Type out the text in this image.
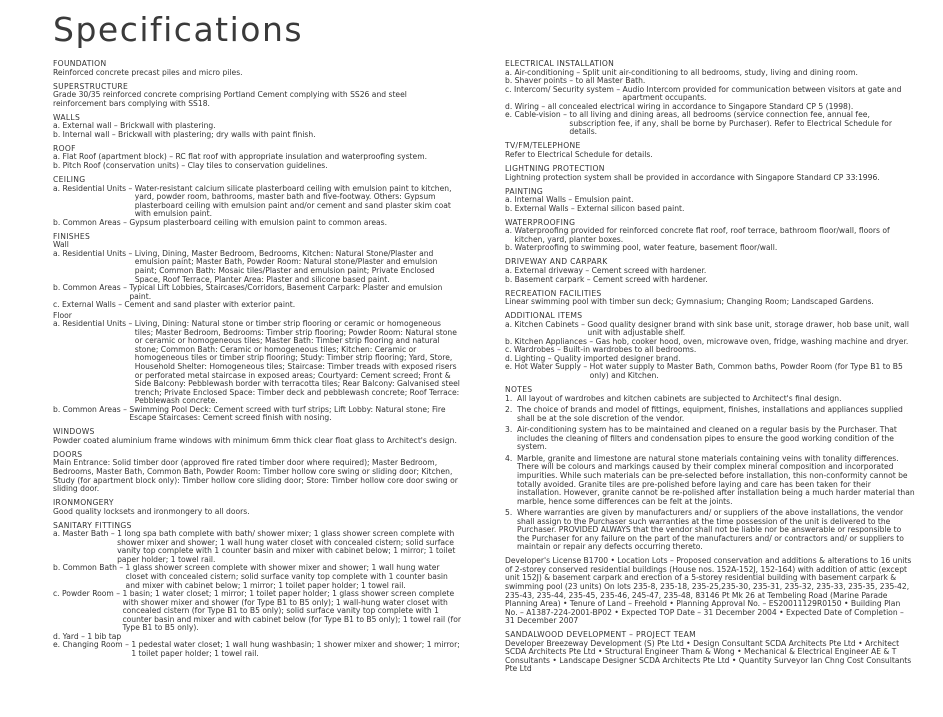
Specifications
FOUNDATION
Reinforced concrete precast piles and micro piles.
SUPERSTRUCTURE
Grade 30/35 reinforced concrete comprising Portland Cement complying with SS26 and steel reinforcement bars complying with SS18.
WALLS
a. External wall – Brickwall with plastering.
b. Internal wall – Brickwall with plastering; dry walls with paint finish.
ROOF
a. Flat Roof (apartment block) – RC flat roof with appropriate insulation and waterproofing system.
b. Pitch Roof (conservation units) – Clay tiles to conservation guidelines.
CEILING
a. Residential Units – Water-resistant calcium silicate plasterboard ceiling with emulsion paint to kitchen, yard, powder room, bathrooms, master bath and five-footway. Others: Gypsum plasterboard ceiling with emulsion paint and/or cement and sand plaster skim coat with emulsion paint.
b. Common Areas – Gypsum plasterboard ceiling with emulsion paint to common areas.
FINISHES
Wall
a. Residential Units – Living, Dining, Master Bedroom, Bedrooms, Kitchen: Natural Stone/Plaster and emulsion paint; Master Bath, Powder Room: Natural stone/Plaster and emulsion paint; Common Bath: Mosaic tiles/Plaster and emulsion paint; Private Enclosed Space, Roof Terrace, Planter Area: Plaster and silicone based paint.
b. Common Areas – Typical Lift Lobbies, Staircases/Corridors, Basement Carpark: Plaster and emulsion paint.
c. External Walls – Cement and sand plaster with exterior paint.
Floor
a. Residential Units – Living, Dining: Natural stone or timber strip flooring or ceramic or homogeneous tiles; Master Bedroom, Bedrooms: Timber strip flooring; Powder Room: Natural stone or ceramic or homogeneous tiles; Master Bath: Timber strip flooring and natural stone; Common Bath: Ceramic or homogeneous tiles; Kitchen: Ceramic or homogeneous tiles or timber strip flooring; Study: Timber strip flooring; Yard, Store, Household Shelter: Homogeneous tiles; Staircase: Timber treads with exposed risers or perforated metal staircase in exposed areas; Courtyard: Cement screed; Front & Side Balcony: Pebblewash border with terracotta tiles; Rear Balcony: Galvanised steel trench; Private Enclosed Space: Timber deck and pebblewash concrete; Roof Terrace: Pebblewash concrete.
b. Common Areas – Swimming Pool Deck: Cement screed with turf strips; Lift Lobby: Natural stone; Fire Escape Staircases: Cement screed finish with nosing.
WINDOWS
Powder coated aluminium frame windows with minimum 6mm thick clear float glass to Architect's design.
DOORS
Main Entrance: Solid timber door (approved fire rated timber door where required); Master Bedroom, Bedrooms, Master Bath, Common Bath, Powder Room: Timber hollow core swing or sliding door; Kitchen, Study (for apartment block only): Timber hollow core sliding door; Store: Timber hollow core door swing or sliding door.
IRONMONGERY
Good quality locksets and ironmongery to all doors.
SANITARY FITTINGS
a. Master Bath – 1 long spa bath complete with bath/ shower mixer; 1 glass shower screen complete with shower mixer and shower; 1 wall hung water closet with concealed cistern; solid surface vanity top complete with 1 counter basin and mixer with cabinet below; 1 mirror; 1 toilet paper holder; 1 towel rail.
b. Common Bath – 1 glass shower screen complete with shower mixer and shower; 1 wall hung water closet with concealed cistern; solid surface vanity top complete with 1 counter basin and mixer with cabinet below; 1 mirror; 1 toilet paper holder; 1 towel rail.
c. Powder Room – 1 basin; 1 water closet; 1 mirror; 1 toilet paper holder; 1 glass shower screen complete with shower mixer and shower (for Type B1 to B5 only); 1 wall-hung water closet with concealed cistern (for Type B1 to B5 only); solid surface vanity top complete with 1 counter basin and mixer and with cabinet below (for Type B1 to B5 only); 1 towel rail (for Type B1 to B5 only).
d. Yard – 1 bib tap
e. Changing Room – 1 pedestal water closet; 1 wall hung washbasin; 1 shower mixer and shower; 1 mirror; 1 toilet paper holder; 1 towel rail.
ELECTRICAL INSTALLATION
a. Air-conditioning – Split unit air-conditioning to all bedrooms, study, living and dining room.
b. Shaver points – to all Master Bath.
c. Intercom/ Security system – Audio Intercom provided for communication between visitors at gate and apartment occupants.
d. Wiring – all concealed electrical wiring in accordance to Singapore Standard CP 5 (1998).
e. Cable-vision – to all living and dining areas, all bedrooms (service connection fee, annual fee, subscription fee, if any, shall be borne by Purchaser). Refer to Electrical Schedule for details.
TV/FM/TELEPHONE
Refer to Electrical Schedule for details.
LIGHTNING PROTECTION
Lightning protection system shall be provided in accordance with Singapore Standard CP 33:1996.
PAINTING
a. Internal Walls – Emulsion paint.
b. External Walls – External silicon based paint.
WATERPROOFING
a. Waterproofing provided for reinforced concrete flat roof, roof terrace, bathroom floor/wall, floors of kitchen, yard, planter boxes.
b. Waterproofing to swimming pool, water feature, basement floor/wall.
DRIVEWAY AND CARPARK
a. External driveway – Cement screed with hardener.
b. Basement carpark – Cement screed with hardener.
RECREATION FACILITIES
Linear swimming pool with timber sun deck; Gymnasium; Changing Room; Landscaped Gardens.
ADDITIONAL ITEMS
a. Kitchen Cabinets – Good quality designer brand with sink base unit, storage drawer, hob base unit, wall unit with adjustable shelf.
b. Kitchen Appliances – Gas hob, cooker hood, oven, microwave oven, fridge, washing machine and dryer.
c. Wardrobes – Built-in wardrobes to all bedrooms.
d. Lighting – Quality imported designer brand.
e. Hot Water Supply – Hot water supply to Master Bath, Common baths, Powder Room (for Type B1 to B5 only) and Kitchen.
NOTES
1. All layout of wardrobes and kitchen cabinets are subjected to Architect's final design.
2. The choice of brands and model of fittings, equipment, finishes, installations and appliances supplied shall be at the sole discretion of the vendor.
3. Air-conditioning system has to be maintained and cleaned on a regular basis by the Purchaser. That includes the cleaning of filters and condensation pipes to ensure the good working condition of the system.
4. Marble, granite and limestone are natural stone materials containing veins with tonality differences. There will be colours and markings caused by their complex mineral composition and incorporated impurities. While such materials can be pre-selected before installation, this non-conformity cannot be totally avoided. Granite tiles are pre-polished before laying and care has been taken for their installation. However, granite cannot be re-polished after installation being a much harder material than marble, hence some differences can be felt at the joints.
5. Where warranties are given by manufacturers and/ or suppliers of the above installations, the vendor shall assign to the Purchaser such warranties at the time possession of the unit is delivered to the Purchaser. PROVIDED ALWAYS that the vendor shall not be liable nor be answerable or responsible to the Purchaser for any failure on the part of the manufacturers and/ or contractors and/ or suppliers to maintain or repair any defects occurring thereto.
Developer's License B1700 • Location Lots – Proposed conservation and additions & alterations to 16 units of 2-storey conserved residential buildings (House nos. 152A-152J, 152-164) with addition of attic (except unit 152J) & basement carpark and erection of a 5-storey residential building with basement carpark & swimming pool (23 units) On lots 235-8, 235-18, 235-25,235-30, 235-31, 235-32, 235-33, 235-35, 235-42, 235-43, 235-44, 235-45, 235-46, 245-47, 235-48, 83146 Pt Mk 26 at Tembeling Road (Marine Parade Planning Area) • Tenure of Land – Freehold • Planning Approval No. – ES20011129R0150 • Building Plan No. – A1387-224-2001-BP02 • Expected TOP Date – 31 December 2004 • Expected Date of Completion – 31 December 2007
SANDALWOOD DEVELOPMENT – PROJECT TEAM
Developer Breezeway Development (S) Pte Ltd • Design Consultant SCDA Architects Pte Ltd • Architect SCDA Architects Pte Ltd • Structural Engineer Tham & Wong • Mechanical & Electrical Engineer AE & T Consultants • Landscape Designer SCDA Architects Pte Ltd • Quantity Surveyor Ian Chng Cost Consultants Pte Ltd
